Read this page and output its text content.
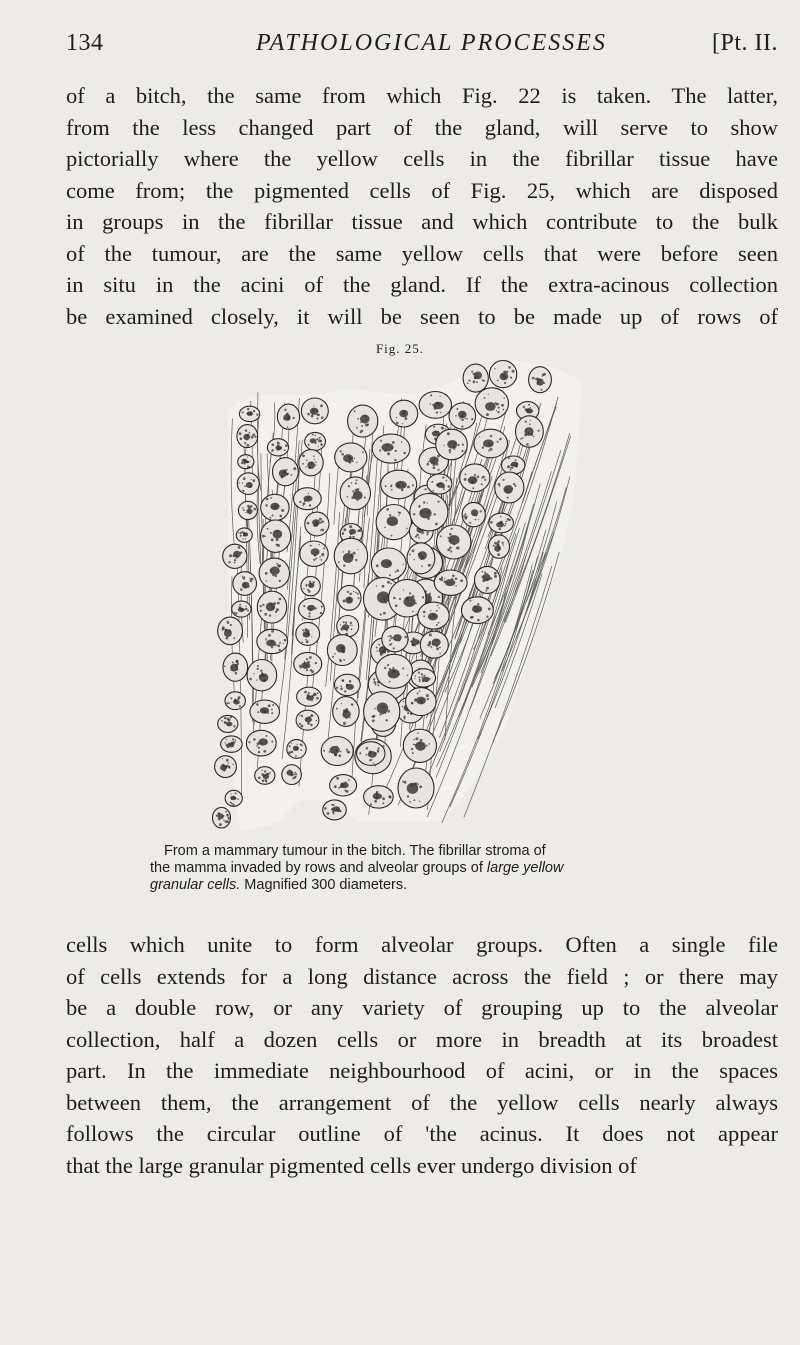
134	PATHOLOGICAL PROCESSES	[Pt. II.
of a bitch, the same from which Fig. 22 is taken. The latter,
from the less changed part of the gland, will serve to show
pictorially where the yellow cells in the fibrillar tissue have
come from; the pigmented cells of Fig. 25, which are disposed
in groups in the fibrillar tissue and which contribute to the bulk
of the tumour, are the same yellow cells that were before seen
in situ in the acini of the gland. If the extra-acinous collection
be examined closely, it will be seen to be made up of rows of
Fig. 25.
From a mammary tumour in the bitch. The fibrillar stroma of
the mamma invaded by rows and alveolar groups of large yellow
granular cells. Magnified 300 diameters.
cells which unite to form alveolar groups. Often a single file
of cells extends for a long distance across the field ; or there may
be a double row, or any variety of grouping up to the alveolar
collection, half a dozen cells or more in breadth at its broadest
part. In the immediate neighbourhood of acini, or in the spaces
between them, the arrangement of the yellow cells nearly always
follows the circular outline of 'the acinus. It does not appear
that the large granular pigmented cells ever undergo division of
